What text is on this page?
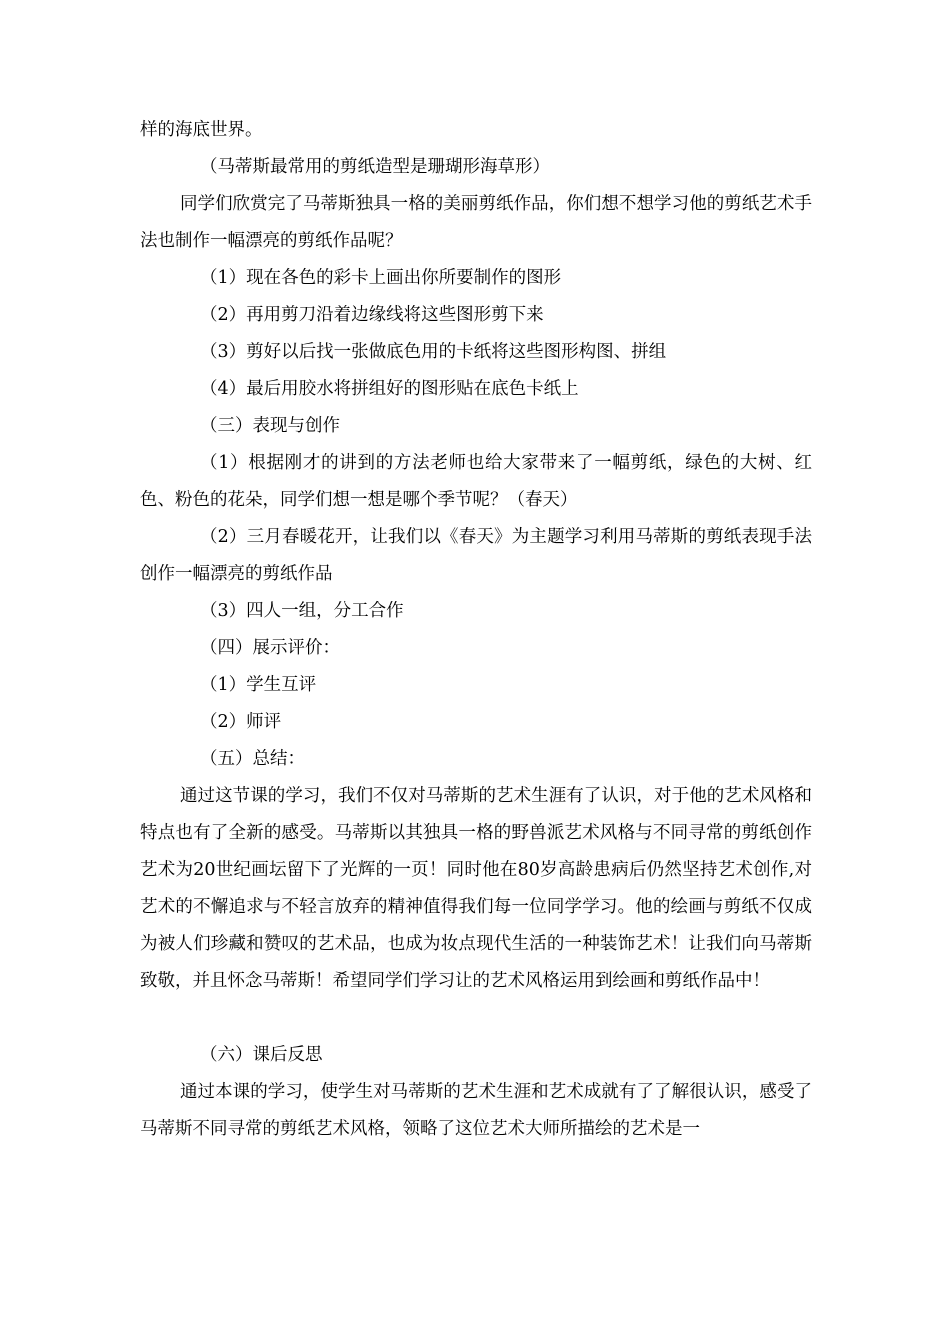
样的海底世界。

（马蒂斯最常用的剪纸造型是珊瑚形海草形）

同学们欣赏完了马蒂斯独具一格的美丽剪纸作品，你们想不想学习他的剪纸艺术手法也制作一幅漂亮的剪纸作品呢？

（1）现在各色的彩卡上画出你所要制作的图形

（2）再用剪刀沿着边缘线将这些图形剪下来

（3）剪好以后找一张做底色用的卡纸将这些图形构图、拼组

（4）最后用胶水将拼组好的图形贴在底色卡纸上

（三）表现与创作

（1）根据刚才的讲到的方法老师也给大家带来了一幅剪纸，绿色的大树、红色、粉色的花朵，同学们想一想是哪个季节呢？（春天）

（2）三月春暖花开，让我们以《春天》为主题学习利用马蒂斯的剪纸表现手法创作一幅漂亮的剪纸作品

（3）四人一组，分工合作

（四）展示评价：

（1）学生互评

（2）师评

（五）总结：

通过这节课的学习，我们不仅对马蒂斯的艺术生涯有了认识，对于他的艺术风格和特点也有了全新的感受。马蒂斯以其独具一格的野兽派艺术风格与不同寻常的剪纸创作艺术为20世纪画坛留下了光辉的一页！同时他在80岁高龄患病后仍然坚持艺术创作,对艺术的不懈追求与不轻言放弃的精神值得我们每一位同学学习。他的绘画与剪纸不仅成为被人们珍藏和赞叹的艺术品，也成为妆点现代生活的一种装饰艺术！让我们向马蒂斯致敬，并且怀念马蒂斯！希望同学们学习让的艺术风格运用到绘画和剪纸作品中！

（六）课后反思

通过本课的学习，使学生对马蒂斯的艺术生涯和艺术成就有了了解很认识，感受了马蒂斯不同寻常的剪纸艺术风格，领略了这位艺术大师所描绘的艺术是一
